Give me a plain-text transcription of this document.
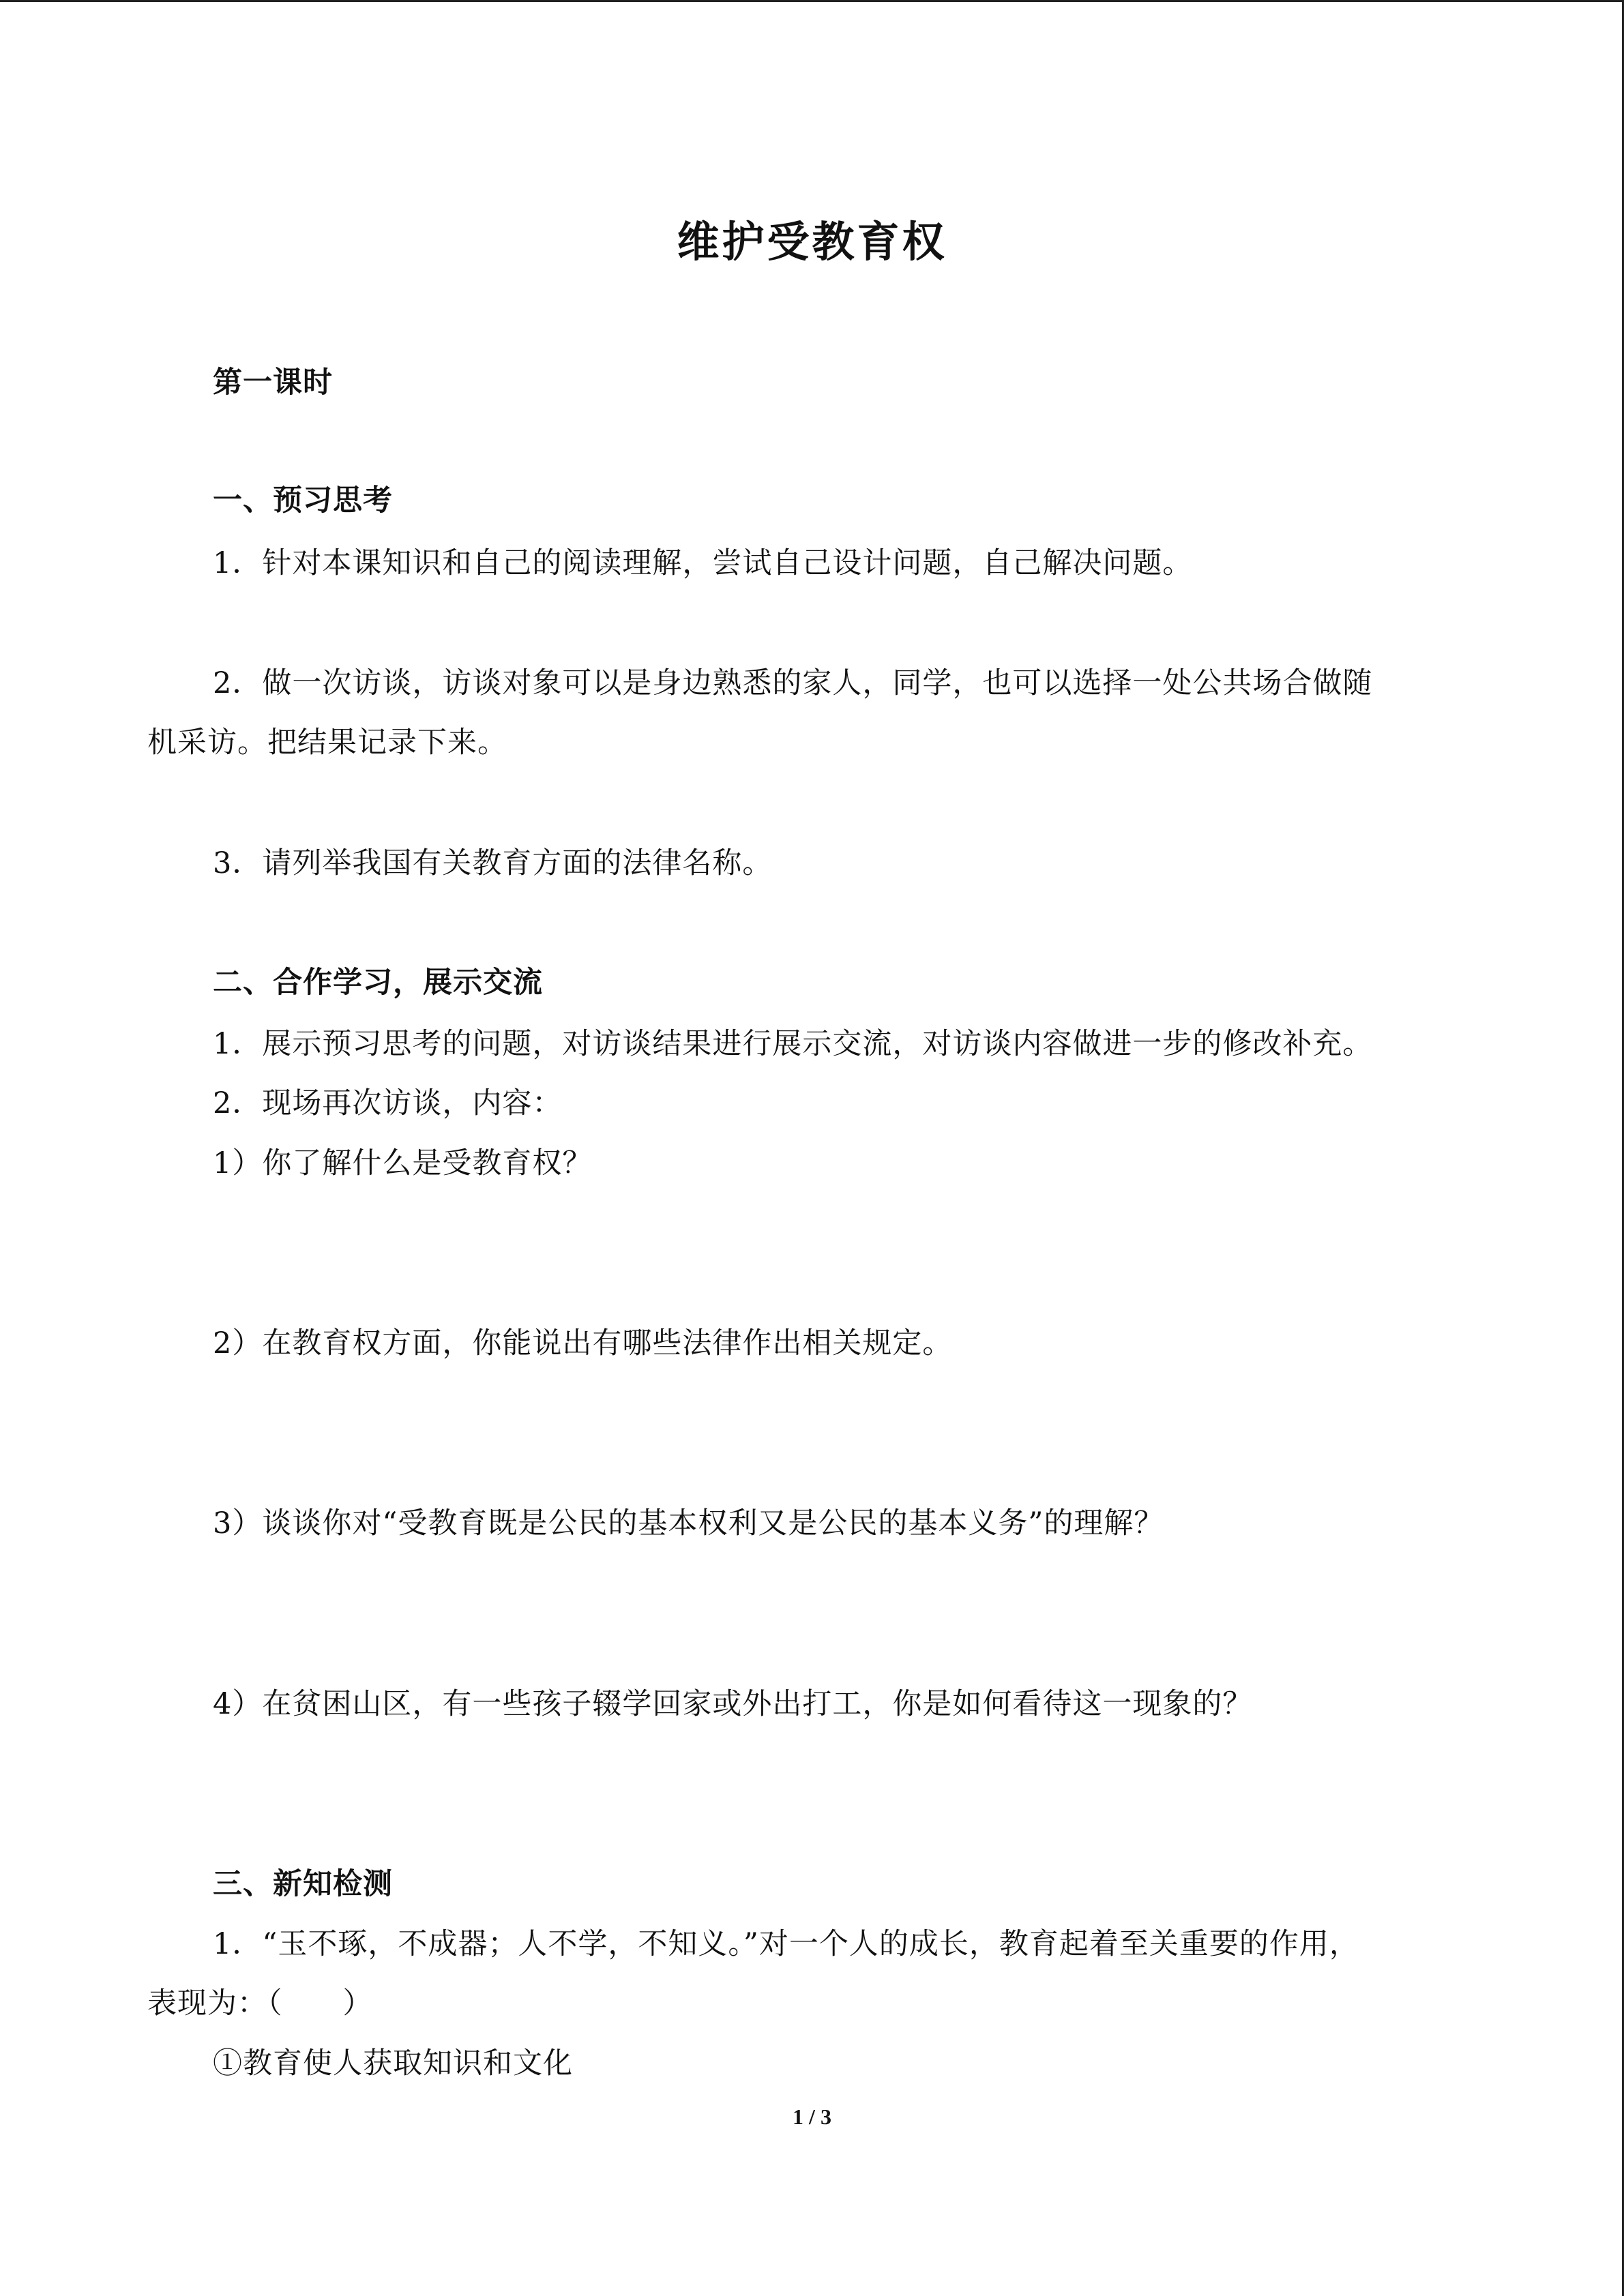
维护受教育权
第一课时
一、预习思考
1．针对本课知识和自己的阅读理解，尝试自己设计问题，自己解决问题。
2．做一次访谈，访谈对象可以是身边熟悉的家人，同学，也可以选择一处公共场合做随
机采访。把结果记录下来。
3．请列举我国有关教育方面的法律名称。
二、合作学习，展示交流
1．展示预习思考的问题，对访谈结果进行展示交流，对访谈内容做进一步的修改补充。
2．现场再次访谈，内容：
1）你了解什么是受教育权？
2）在教育权方面，你能说出有哪些法律作出相关规定。
3）谈谈你对“受教育既是公民的基本权利又是公民的基本义务”的理解？
4）在贫困山区，有一些孩子辍学回家或外出打工，你是如何看待这一现象的？
三、新知检测
1．“玉不琢，不成器；人不学，不知义。”对一个人的成长，教育起着至关重要的作用，
表现为：（　　）
①教育使人获取知识和文化
1 / 3
